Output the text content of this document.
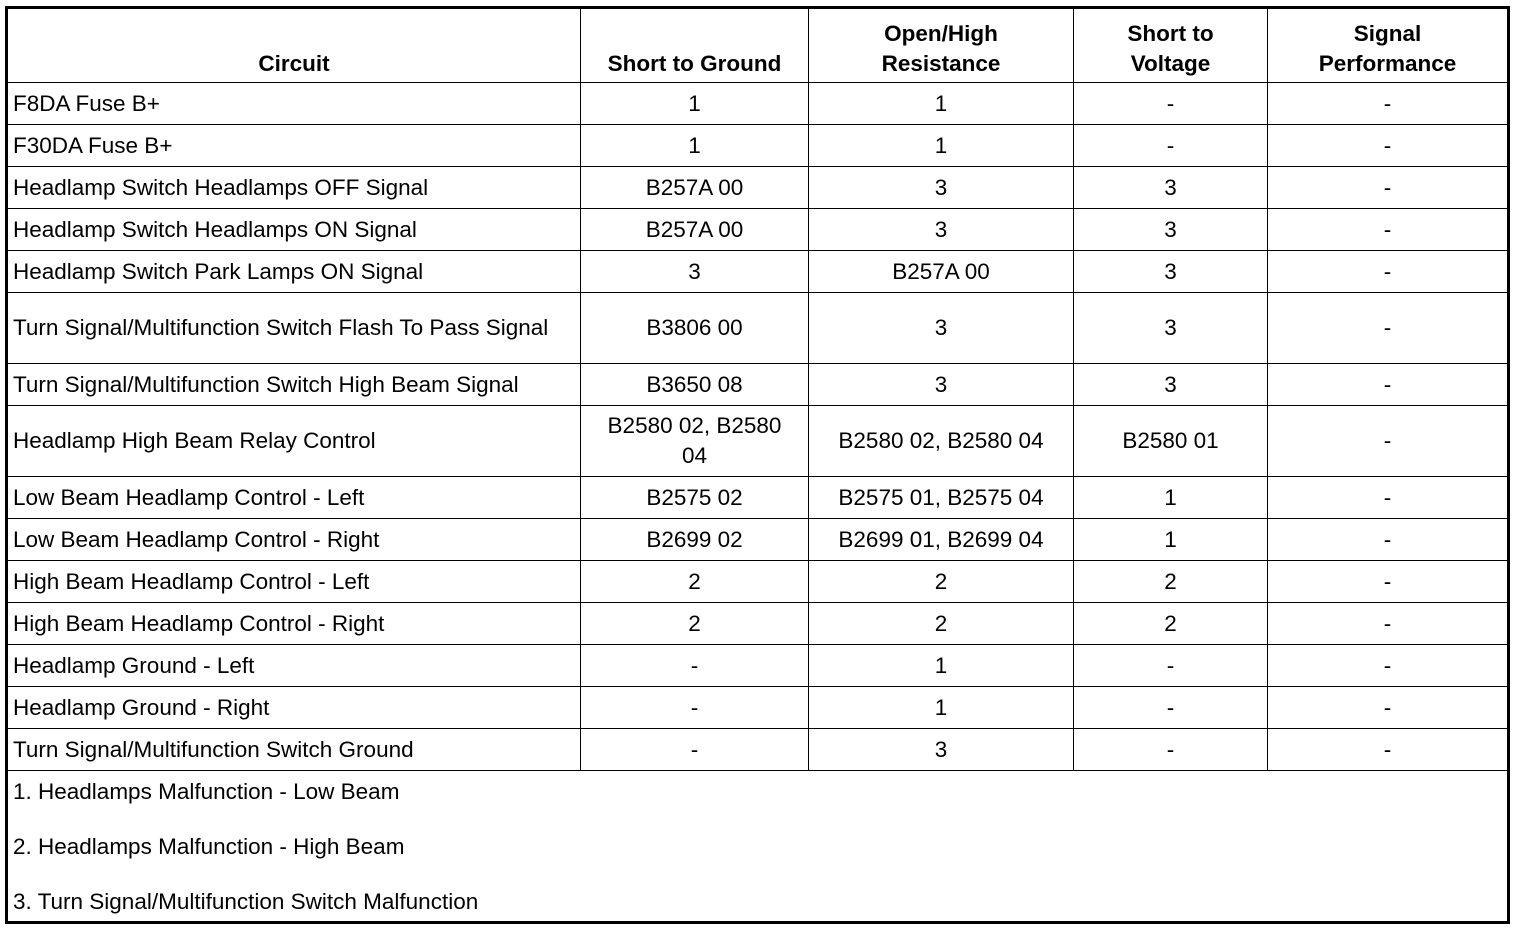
Circuit	Short to Ground	Open/High Resistance	Short to Voltage	Signal Performance
F8DA Fuse B+	1	1	-	-
F30DA Fuse B+	1	1	-	-
Headlamp Switch Headlamps OFF Signal	B257A 00	3	3	-
Headlamp Switch Headlamps ON Signal	B257A 00	3	3	-
Headlamp Switch Park Lamps ON Signal	3	B257A 00	3	-
Turn Signal/Multifunction Switch Flash To Pass Signal	B3806 00	3	3	-
Turn Signal/Multifunction Switch High Beam Signal	B3650 08	3	3	-
Headlamp High Beam Relay Control	B2580 02, B2580 04	B2580 02, B2580 04	B2580 01	-
Low Beam Headlamp Control - Left	B2575 02	B2575 01, B2575 04	1	-
Low Beam Headlamp Control - Right	B2699 02	B2699 01, B2699 04	1	-
High Beam Headlamp Control - Left	2	2	2	-
High Beam Headlamp Control - Right	2	2	2	-
Headlamp Ground - Left	-	1	-	-
Headlamp Ground - Right	-	1	-	-
Turn Signal/Multifunction Switch Ground	-	3	-	-

1. Headlamps Malfunction - Low Beam
2. Headlamps Malfunction - High Beam
3. Turn Signal/Multifunction Switch Malfunction				
